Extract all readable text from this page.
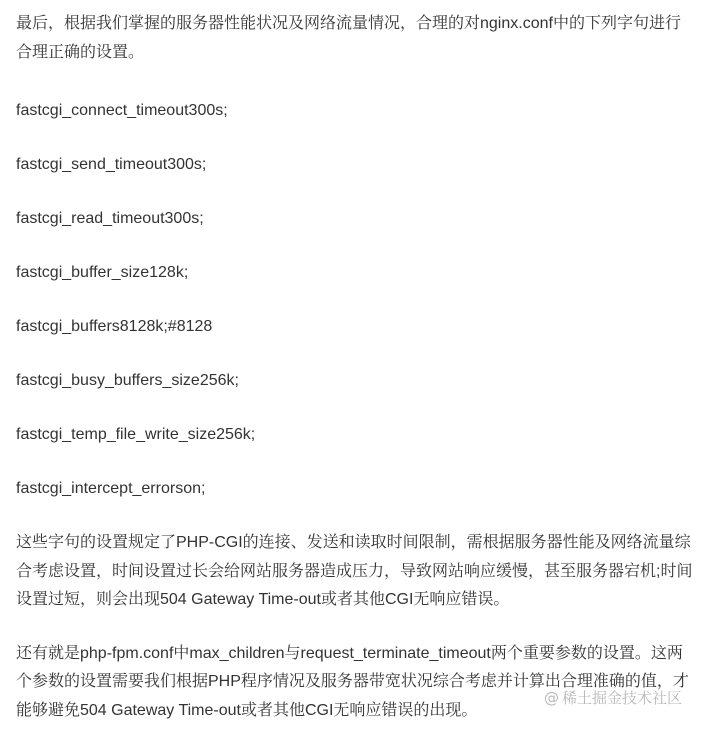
最后，根据我们掌握的服务器性能状况及网络流量情况，合理的对nginx.conf中的下列字句进行合理正确的设置。

fastcgi_connect_timeout300s;

fastcgi_send_timeout300s;

fastcgi_read_timeout300s;

fastcgi_buffer_size128k;

fastcgi_buffers8128k;#8128

fastcgi_busy_buffers_size256k;

fastcgi_temp_file_write_size256k;

fastcgi_intercept_errorson;

这些字句的设置规定了PHP-CGI的连接、发送和读取时间限制，需根据服务器性能及网络流量综合考虑设置，时间设置过长会给网站服务器造成压力，导致网站响应缓慢，甚至服务器宕机;时间设置过短，则会出现504 Gateway Time-out或者其他CGI无响应错误。

还有就是php-fpm.conf中max_children与request_terminate_timeout两个重要参数的设置。这两个参数的设置需要我们根据PHP程序情况及服务器带宽状况综合考虑并计算出合理准确的值，才能够避免504 Gateway Time-out或者其他CGI无响应错误的出现。

@ 稀土掘金技术社区
